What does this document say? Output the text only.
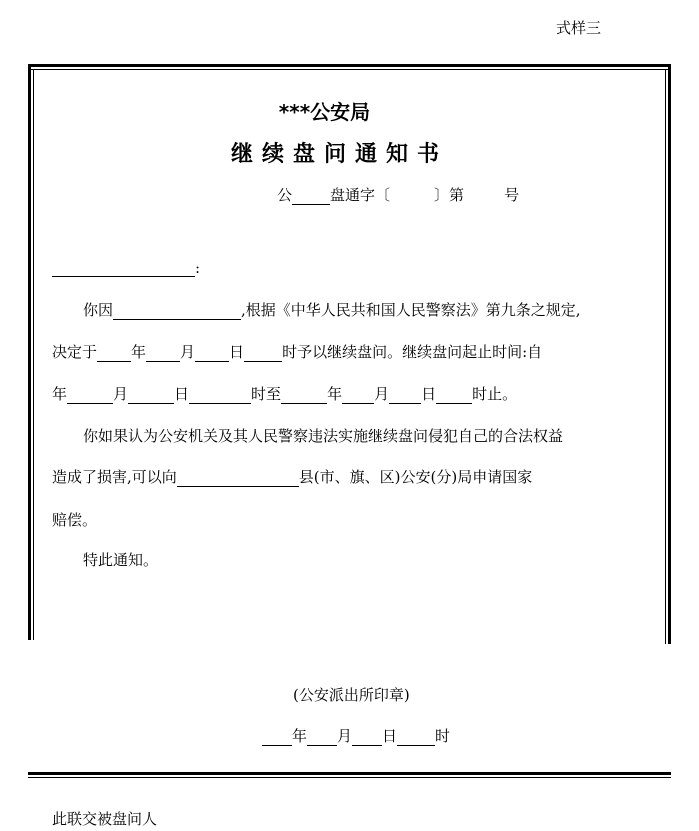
式样三
***公安局
继续盘问通知书
公	盘通字〔	〕第	号
:
你因	,根据《中华人民共和国人民警察法》第九条之规定,
决定于 年 月 日	时予以继续盘问。继续盘问起止时间:自
年	月	日	时至	年 月 日 时止。
你如果认为公安机关及其人民警察违法实施继续盘问侵犯自己的合法权益
造成了损害,可以向	县(市、旗、区)公安(分)局申请国家
赔偿。
特此通知。
(公安派出所印章)
年 月 日	时
此联交被盘问人
